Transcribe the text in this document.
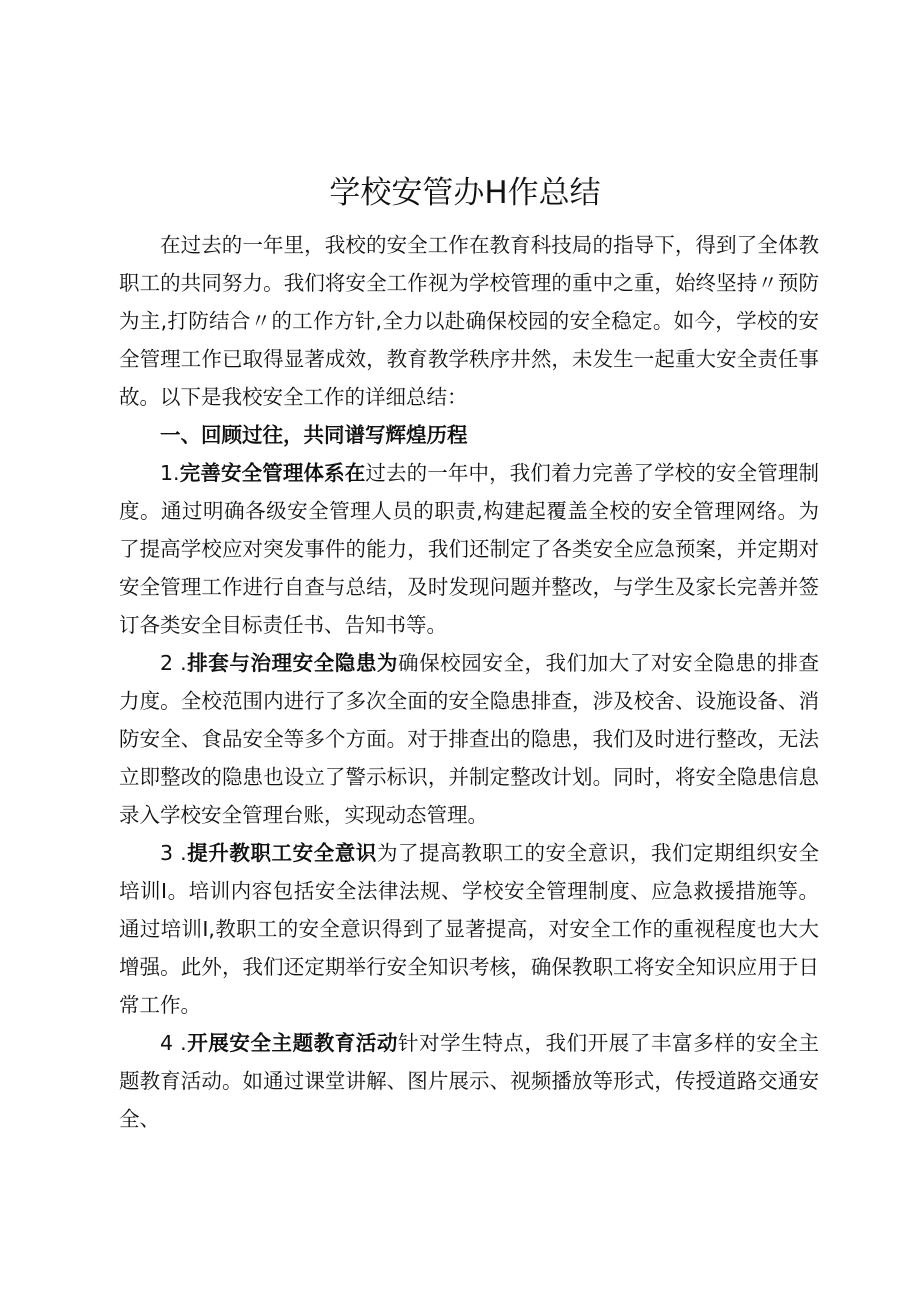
学校安管办H作总结

在过去的一年里，我校的安全工作在教育科技局的指导下，得到了全体教职工的共同努力。我们将安全工作视为学校管理的重中之重，始终坚持〃预防为主,打防结合〃的工作方针,全力以赴确保校园的安全稳定。如今，学校的安全管理工作已取得显著成效，教育教学秩序井然，未发生一起重大安全责任事故。以下是我校安全工作的详细总结：

一、回顾过往，共同谱写辉煌历程

1.完善安全管理体系在过去的一年中，我们着力完善了学校的安全管理制度。通过明确各级安全管理人员的职责,构建起覆盖全校的安全管理网络。为了提高学校应对突发事件的能力，我们还制定了各类安全应急预案，并定期对安全管理工作进行自查与总结，及时发现问题并整改，与学生及家长完善并签订各类安全目标责任书、告知书等。

2 .排套与治理安全隐患为确保校园安全，我们加大了对安全隐患的排查力度。全校范围内进行了多次全面的安全隐患排查，涉及校舍、设施设备、消防安全、食品安全等多个方面。对于排查出的隐患，我们及时进行整改，无法立即整改的隐患也设立了警示标识，并制定整改计划。同时，将安全隐患信息录入学校安全管理台账，实现动态管理。

3 .提升教职工安全意识为了提高教职工的安全意识，我们定期组织安全培训I。培训内容包括安全法律法规、学校安全管理制度、应急救援措施等。通过培训I,教职工的安全意识得到了显著提高，对安全工作的重视程度也大大增强。此外，我们还定期举行安全知识考核，确保教职工将安全知识应用于日常工作。

4 .开展安全主题教育活动针对学生特点，我们开展了丰富多样的安全主题教育活动。如通过课堂讲解、图片展示、视频播放等形式，传授道路交通安全、
